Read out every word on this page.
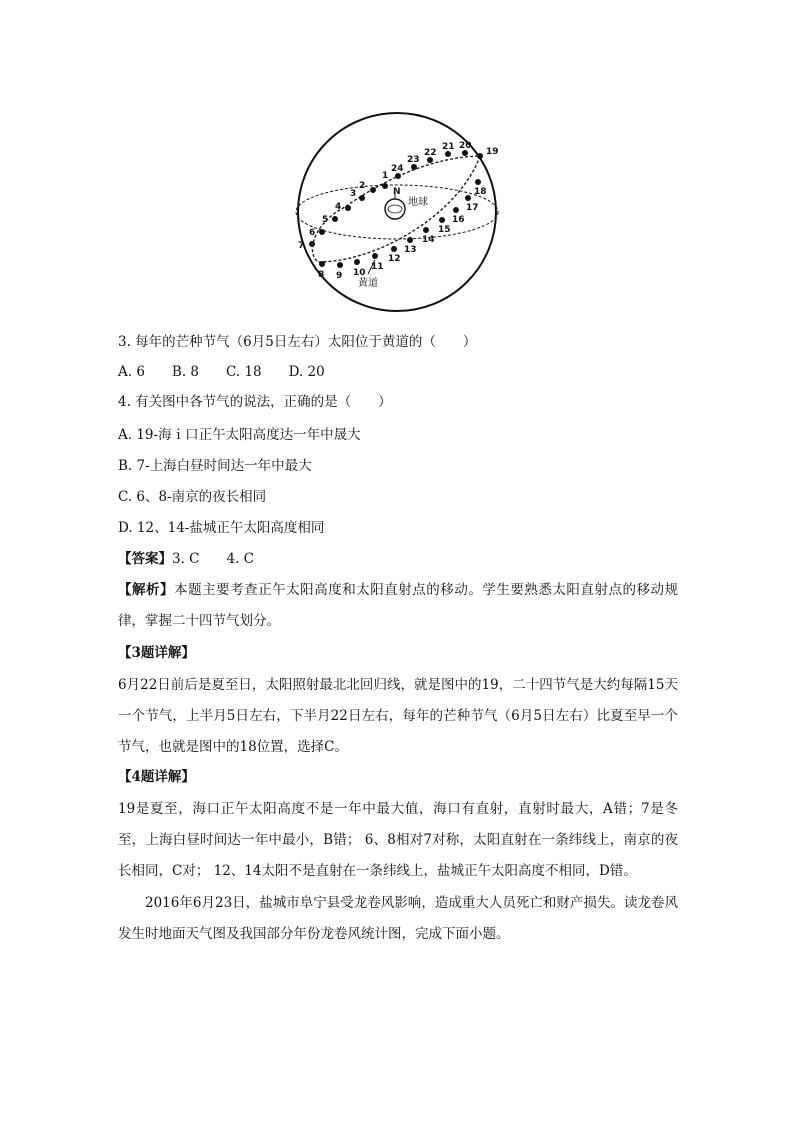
N
地球
黄道
1
2
3
4
5
6
7
8 9 10
11
12
13
14
15
16
17
18
19
20
21
22
23
24
3. 每年的芒种节气（6月5日左右）太阳位于黄道的（　　）
A. 6　　B. 8　　C. 18　　D. 20
4. 有关图中各节气的说法，正确的是（　　）
A. 19-海ｉ口正午太阳高度达一年中晟大
B. 7-上海白昼时间达一年中最大
C. 6、8-南京的夜长相同
D. 12、14-盐城正午太阳高度相同
【答案】3. C　　4. C
【解析】本题主要考查正午太阳高度和太阳直射点的移动。学生要熟悉太阳直射点的移动规律，掌握二十四节气划分。
【3题详解】
6月22日前后是夏至日，太阳照射最北北回归线，就是图中的19，二十四节气是大约每隔15天一个节气，上半月5日左右，下半月22日左右，每年的芒种节气（6月5日左右）比夏至早一个节气，也就是图中的18位置，选择C。
【4题详解】
19是夏至，海口正午太阳高度不是一年中最大值，海口有直射，直射时最大，A错；7是冬至，上海白昼时间达一年中最小，B错； 6、8相对7对称，太阳直射在一条纬线上，南京的夜长相同，C对； 12、14太阳不是直射在一条纬线上，盐城正午太阳高度不相同，D错。
2016年6月23日，盐城市阜宁县受龙卷风影响，造成重大人员死亡和财产损失。读龙卷风发生时地面天气图及我国部分年份龙卷风统计图，完成下面小题。
